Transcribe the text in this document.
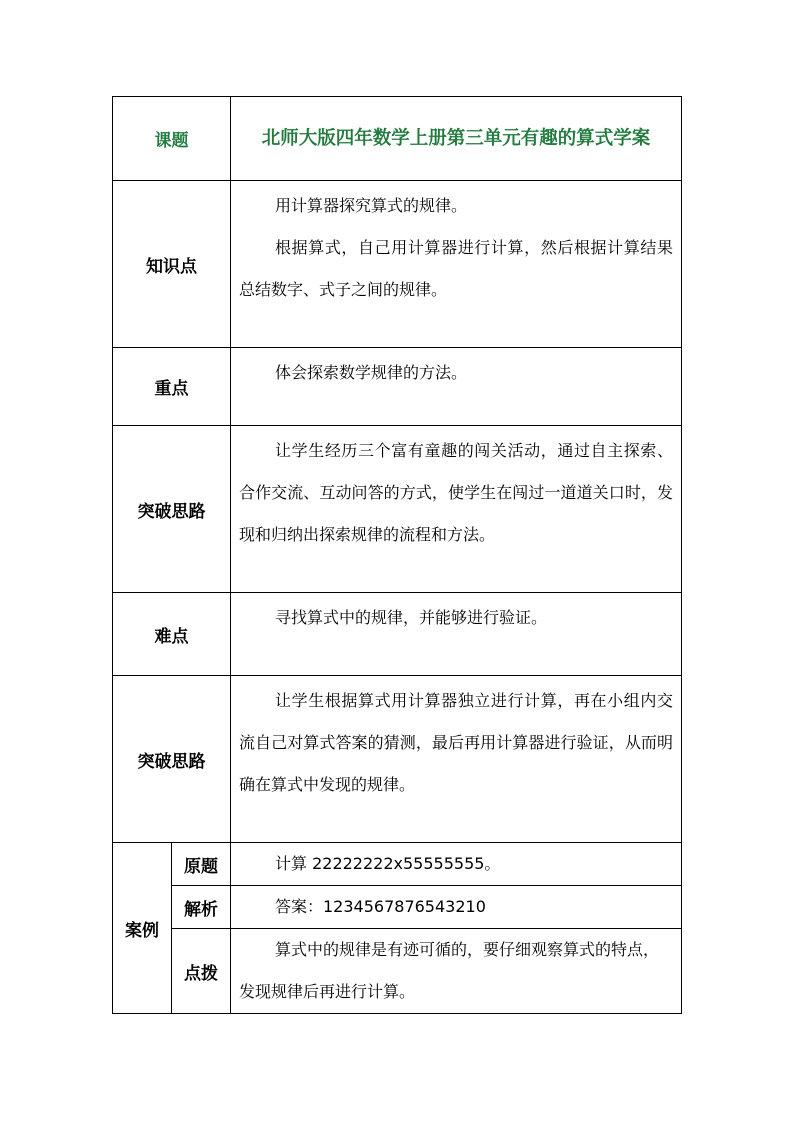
课题		北师大版四年数学上册第三单元有趣的算式学案
知识点		用计算器探究算式的规律。

根据算式，自己用计算器进行计算，然后根据计算结果总结数字、式子之间的规律。

重点		体会探索数学规律的方法。

突破思路		让学生经历三个富有童趣的闯关活动，通过自主探索、合作交流、互动问答的方式，使学生在闯过一道道关口时，发现和归纳出探索规律的流程和方法。

难点		寻找算式中的规律，并能够进行验证。

突破思路		让学生根据算式用计算器独立进行计算，再在小组内交流自己对算式答案的猜测，最后再用计算器进行验证，从而明确在算式中发现的规律。

案例	原题	计算 22222222x55555555。

	解析	答案：1234567876543210

	点拨	算式中的规律是有迹可循的，要仔细观察算式的特点，发现规律后再进行计算。
